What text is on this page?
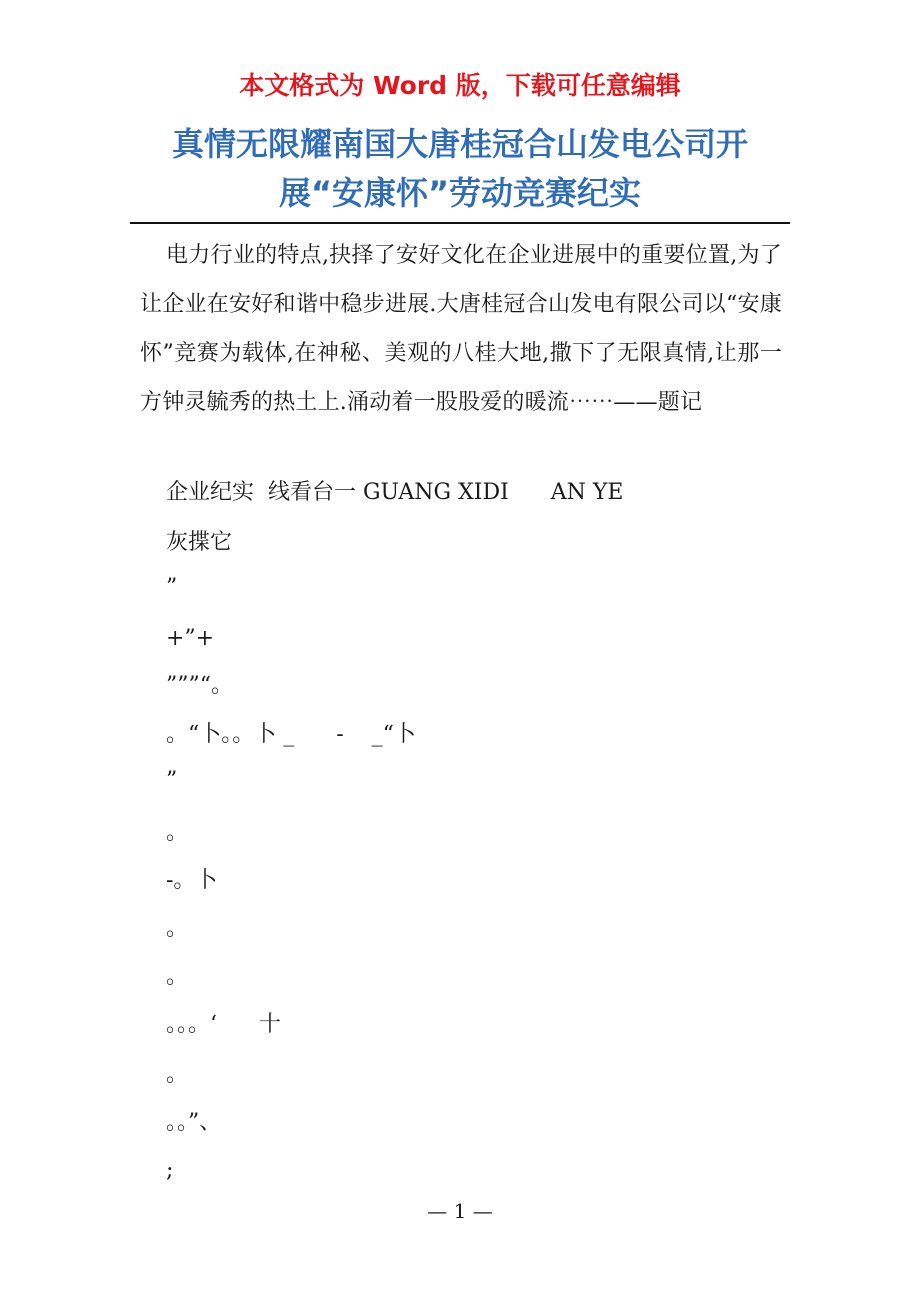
本文格式为 Word 版，下载可任意编辑
真情无限耀南国大唐桂冠合山发电公司开
展“安康怀”劳动竞赛纪实

电力行业的特点,抉择了安好文化在企业进展中的重要位置,为了让企业在安好和谐中稳步进展.大唐桂冠合山发电有限公司以“安康怀”竞赛为载体,在神秘、美观的八桂大地,撒下了无限真情,让那一方钟灵毓秀的热土上.涌动着一股股爱的暖流⋯⋯——题记

企业纪实  线看台一 GUANG XIDI      AN YE
灰揲它
”
+”+
”””“。
。“卜。。卜 _      -    _“卜
”
。
-。卜
。
。
。。。‘      十
。
。。”、
;
— 1 —
